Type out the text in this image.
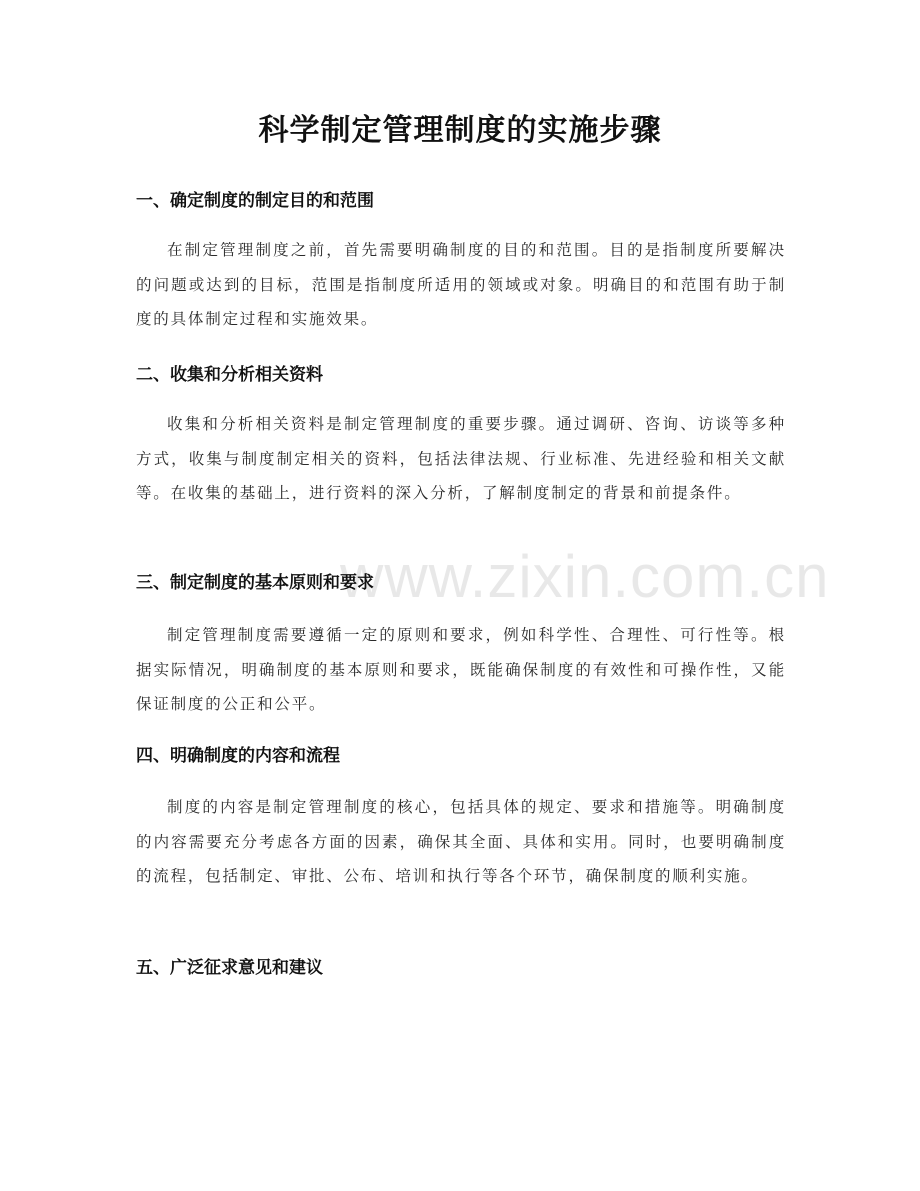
www.zixin.com.cn
科学制定管理制度的实施步骤
一、确定制度的制定目的和范围

在制定管理制度之前，首先需要明确制度的目的和范围。目的是指制度所要解决的问题或达到的目标，范围是指制度所适用的领域或对象。明确目的和范围有助于制度的具体制定过程和实施效果。

二、收集和分析相关资料

收集和分析相关资料是制定管理制度的重要步骤。通过调研、咨询、访谈等多种方式，收集与制度制定相关的资料，包括法律法规、行业标准、先进经验和相关文献等。在收集的基础上，进行资料的深入分析，了解制度制定的背景和前提条件。

三、制定制度的基本原则和要求

制定管理制度需要遵循一定的原则和要求，例如科学性、合理性、可行性等。根据实际情况，明确制度的基本原则和要求，既能确保制度的有效性和可操作性，又能保证制度的公正和公平。

四、明确制度的内容和流程

制度的内容是制定管理制度的核心，包括具体的规定、要求和措施等。明确制度的内容需要充分考虑各方面的因素，确保其全面、具体和实用。同时，也要明确制度的流程，包括制定、审批、公布、培训和执行等各个环节，确保制度的顺利实施。

五、广泛征求意见和建议
